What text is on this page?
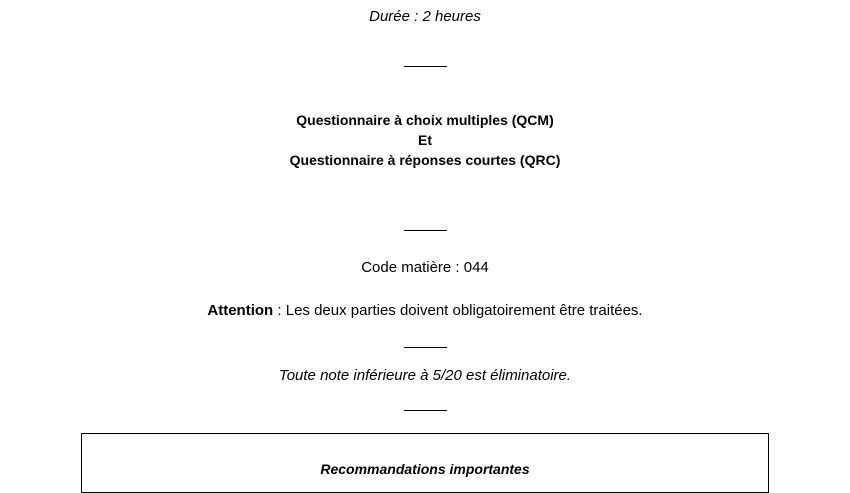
Durée : 2 heures
Questionnaire à choix multiples (QCM)
Et
Questionnaire à réponses courtes (QRC)
Code matière : 044
Attention : Les deux parties doivent obligatoirement être traitées.
Toute note inférieure à 5/20 est éliminatoire.
Recommandations importantes
